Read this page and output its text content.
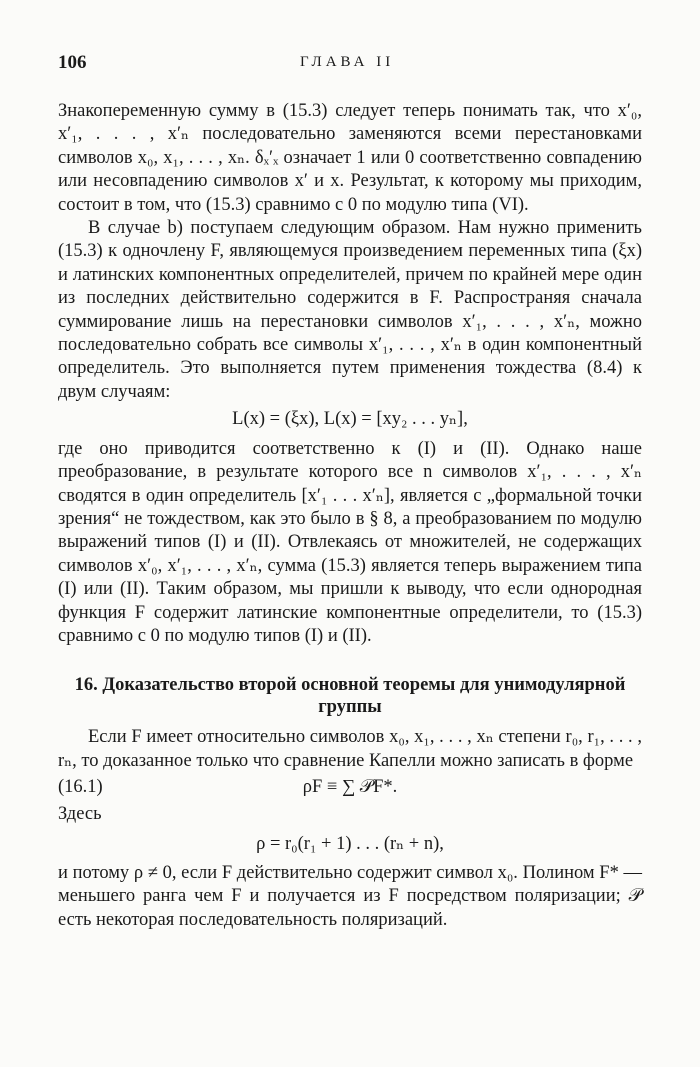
106	ГЛАВА II

Знакопеременную сумму в (15.3) следует теперь понимать так, что x′₀, x′₁, . . . , x′ₙ последовательно заменяются всеми перестановками символов x₀, x₁, . . . , xₙ. δₓ′ₓ означает 1 или 0 соответственно совпадению или несовпадению символов x′ и x. Результат, к которому мы приходим, состоит в том, что (15.3) сравнимо с 0 по модулю типа (VI).

В случае b) поступаем следующим образом. Нам нужно применить (15.3) к одночлену F, являющемуся произведением переменных типа (ξx) и латинских компонентных определителей, причем по крайней мере один из последних действительно содержится в F. Распространяя сначала суммирование лишь на перестановки символов x′₁, . . . , x′ₙ, можно последовательно собрать все символы x′₁, . . . , x′ₙ в один компонентный определитель. Это выполняется путем применения тождества (8.4) к двум случаям:

L(x) = (ξx), L(x) = [xy₂ . . . yₙ],

где оно приводится соответственно к (I) и (II). Однако наше преобразование, в результате которого все n символов x′₁, . . . , x′ₙ сводятся в один определитель [x′₁ . . . x′ₙ], является с „формальной точки зрения“ не тождеством, как это было в § 8, а преобразованием по модулю выражений типов (I) и (II). Отвлекаясь от множителей, не содержащих символов x′₀, x′₁, . . . , x′ₙ, сумма (15.3) является теперь выражением типа (I) или (II). Таким образом, мы пришли к выводу, что если однородная функция F содержит латинские компонентные определители, то (15.3) сравнимо с 0 по модулю типов (I) и (II).

16. Доказательство второй основной теоремы для унимодулярной группы

Если F имеет относительно символов x₀, x₁, . . . , xₙ степени r₀, r₁, . . . , rₙ, то доказанное только что сравнение Капелли можно записать в форме

(16.1)	ρF ≡ ∑ 𝒫F*.

Здесь

ρ = r₀(r₁ + 1) . . . (rₙ + n),

и потому ρ ≠ 0, если F действительно содержит символ x₀. Полином F* — меньшего ранга чем F и получается из F посредством поляризации; 𝒫 есть некоторая последовательность поляризаций.
